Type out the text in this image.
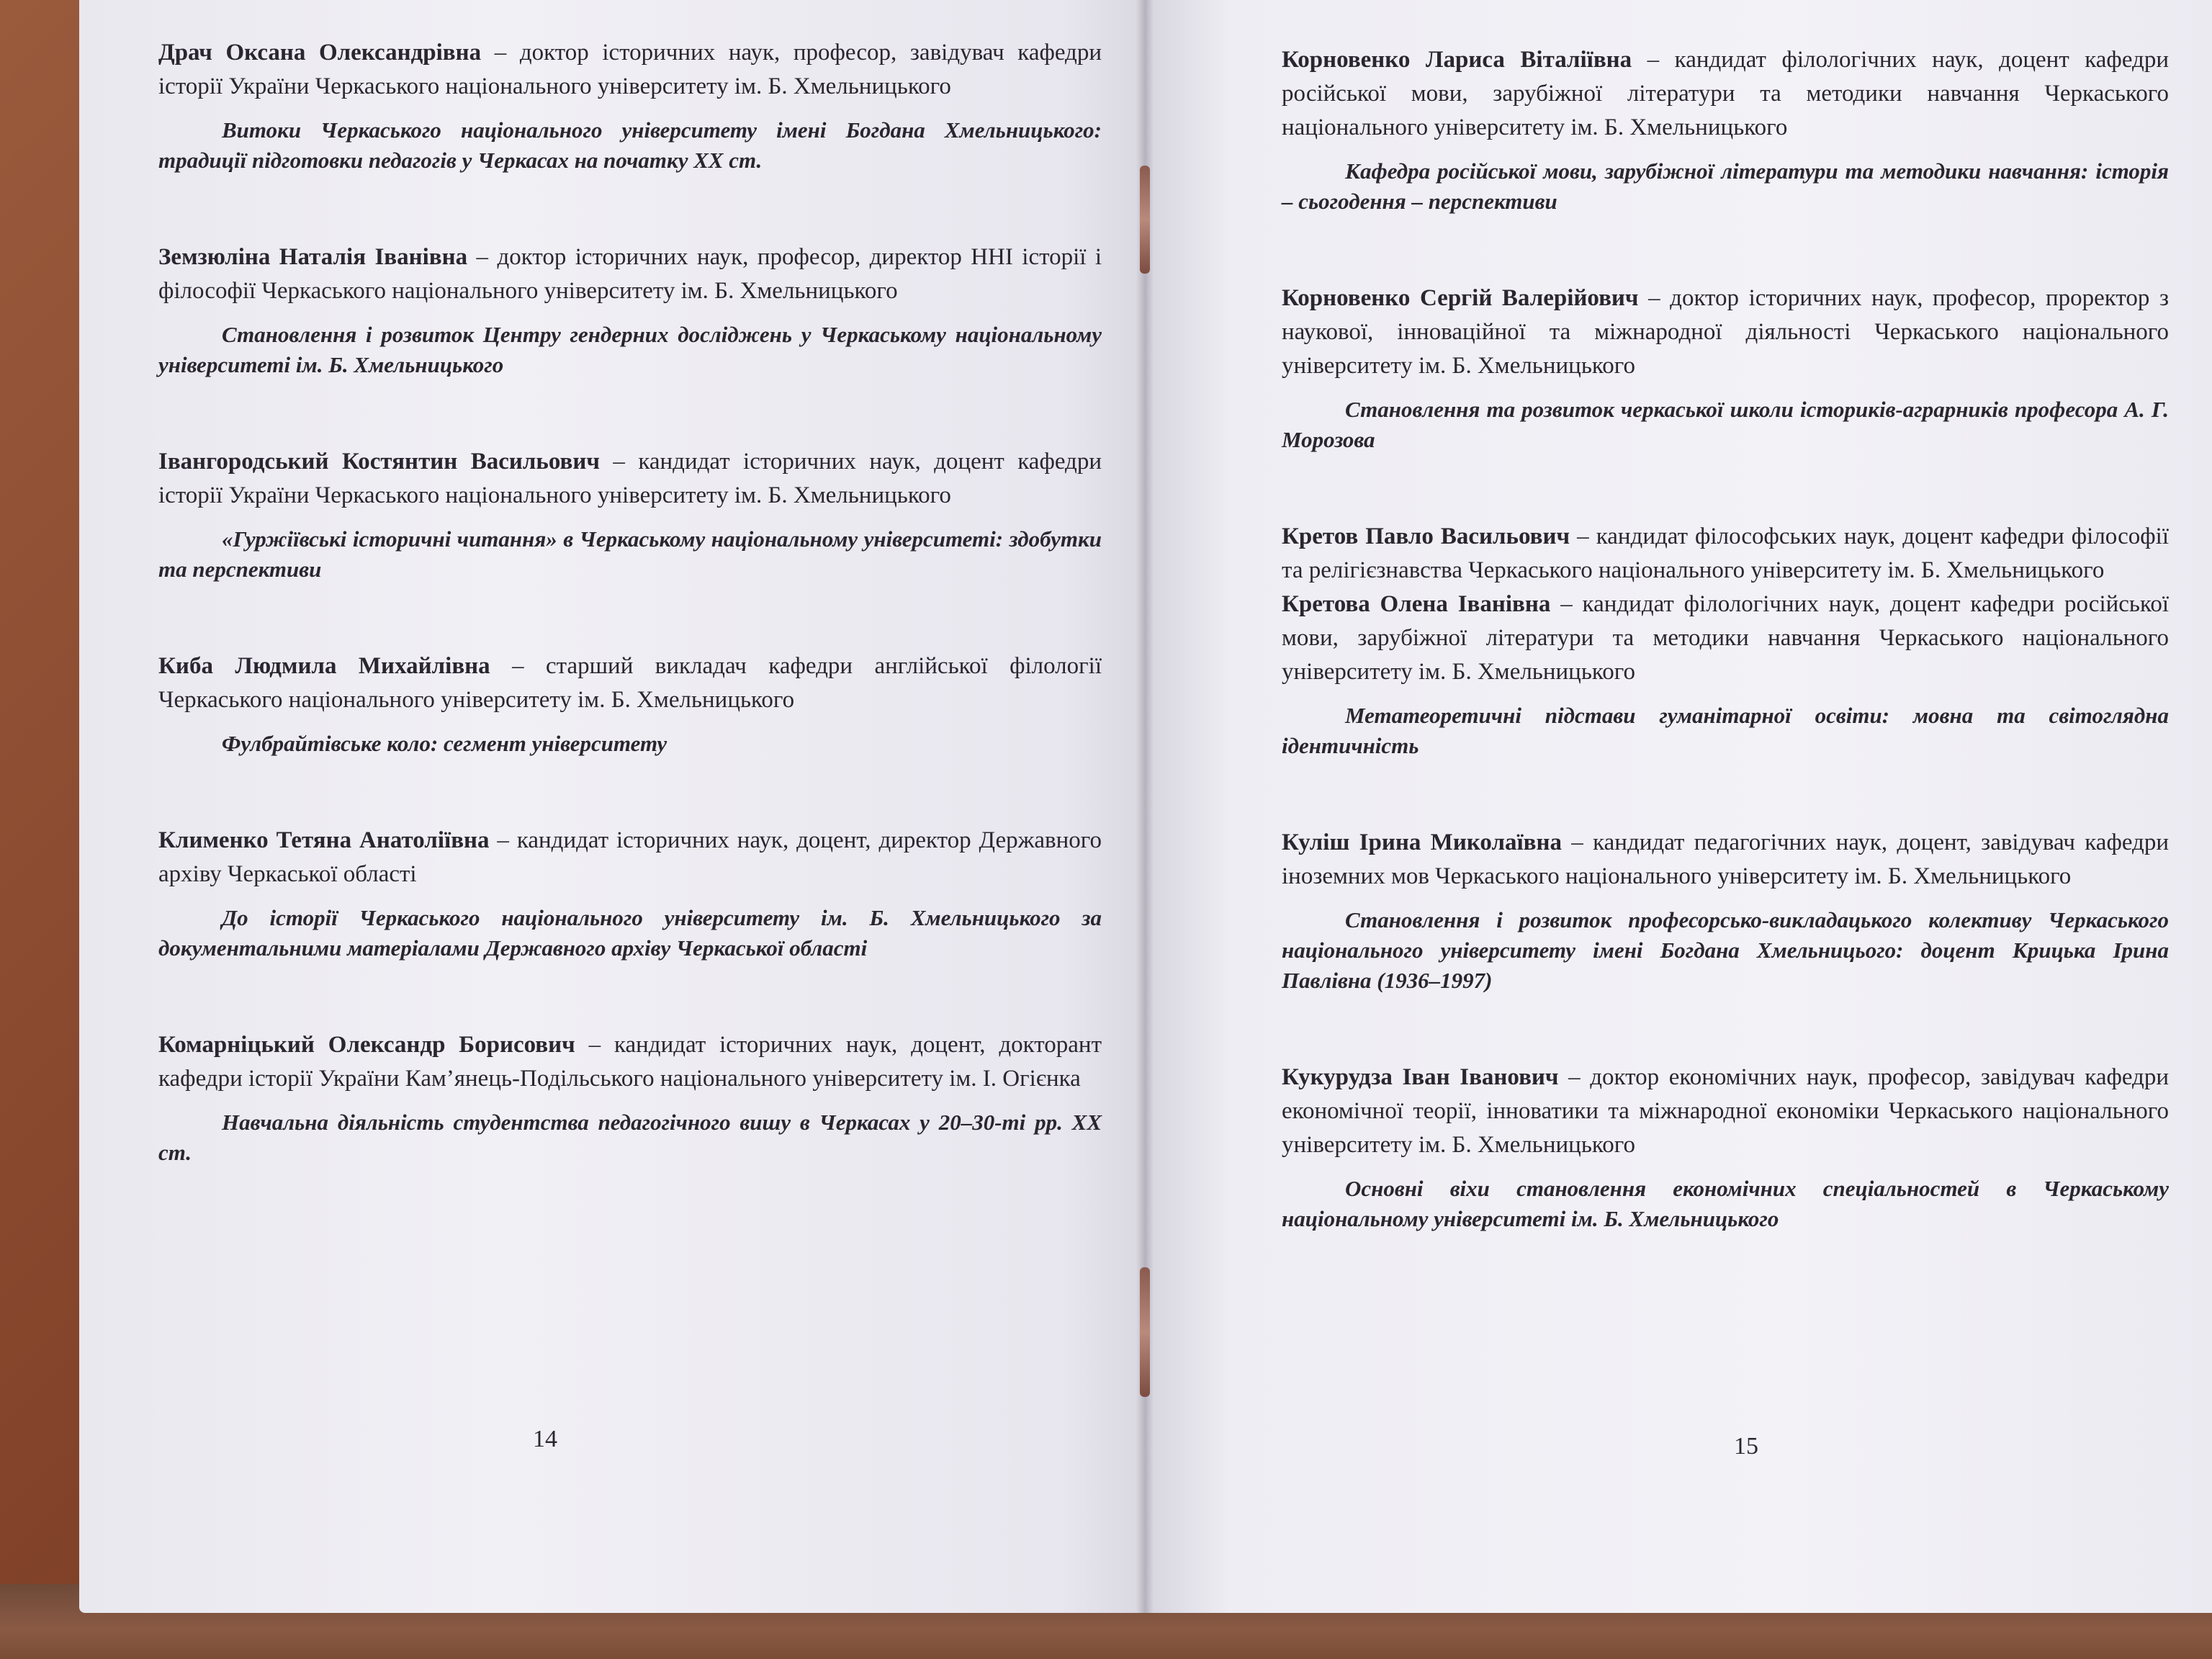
Драч Оксана Олександрівна – доктор історичних наук, професор, завідувач кафедри історії України Черкаського національного університету ім. Б. Хмельницького

Витоки Черкаського національного університету імені Богдана Хмельницького: традиції підготовки педагогів у Черкасах на початку XX ст.

Земзюліна Наталія Іванівна – доктор історичних наук, професор, директор ННІ історії і філософії Черкаського національного університету ім. Б. Хмельницького

Становлення і розвиток Центру гендерних досліджень у Черкаському національному університеті ім. Б. Хмельницького

Івангородський Костянтин Васильович – кандидат історичних наук, доцент кафедри історії України Черкаського національного університету ім. Б. Хмельницького

«Гуржіївські історичні читання» в Черкаському національному університеті: здобутки та перспективи

Киба Людмила Михайлівна – старший викладач кафедри англійської філології Черкаського національного університету ім. Б. Хмельницького

Фулбрайтівське коло: сегмент університету

Клименко Тетяна Анатоліївна – кандидат історичних наук, доцент, директор Державного архіву Черкаської області

До історії Черкаського національного університету ім. Б. Хмельницького за документальними матеріалами Державного архіву Черкаської області

Комарніцький Олександр Борисович – кандидат історичних наук, доцент, докторант кафедри історії України Кам’янець-Подільського національного університету ім. І. Огієнка

Навчальна діяльність студентства педагогічного вишу в Черкасах у 20–30-ті рр. XX ст.

Корновенко Лариса Віталіївна – кандидат філологічних наук, доцент кафедри російської мови, зарубіжної літератури та методики навчання Черкаського національного університету ім. Б. Хмельницького

Кафедра російської мови, зарубіжної літератури та методики навчання: історія – сьогодення – перспективи

Корновенко Сергій Валерійович – доктор історичних наук, професор, проректор з наукової, інноваційної та міжнародної діяльності Черкаського національного університету ім. Б. Хмельницького

Становлення та розвиток черкаської школи істориків-аграрників професора А. Г. Морозова

Кретов Павло Васильович – кандидат філософських наук, доцент кафедри філософії та релігієзнавства Черкаського національного університету ім. Б. Хмельницького

Кретова Олена Іванівна – кандидат філологічних наук, доцент кафедри російської мови, зарубіжної літератури та методики навчання Черкаського національного університету ім. Б. Хмельницького

Метатеоретичні підстави гуманітарної освіти: мовна та світоглядна ідентичність

Куліш Ірина Миколаївна – кандидат педагогічних наук, доцент, завідувач кафедри іноземних мов Черкаського національного університету ім. Б. Хмельницького

Становлення і розвиток професорсько-викладацького колективу Черкаського національного університету імені Богдана Хмельницього: доцент Крицька Ірина Павлівна (1936–1997)

Кукурудза Іван Іванович – доктор економічних наук, професор, завідувач кафедри економічної теорії, інноватики та міжнародної економіки Черкаського національного університету ім. Б. Хмельницького

Основні віхи становлення економічних спеціальностей в Черкаському національному університеті ім. Б. Хмельницького

14	15
